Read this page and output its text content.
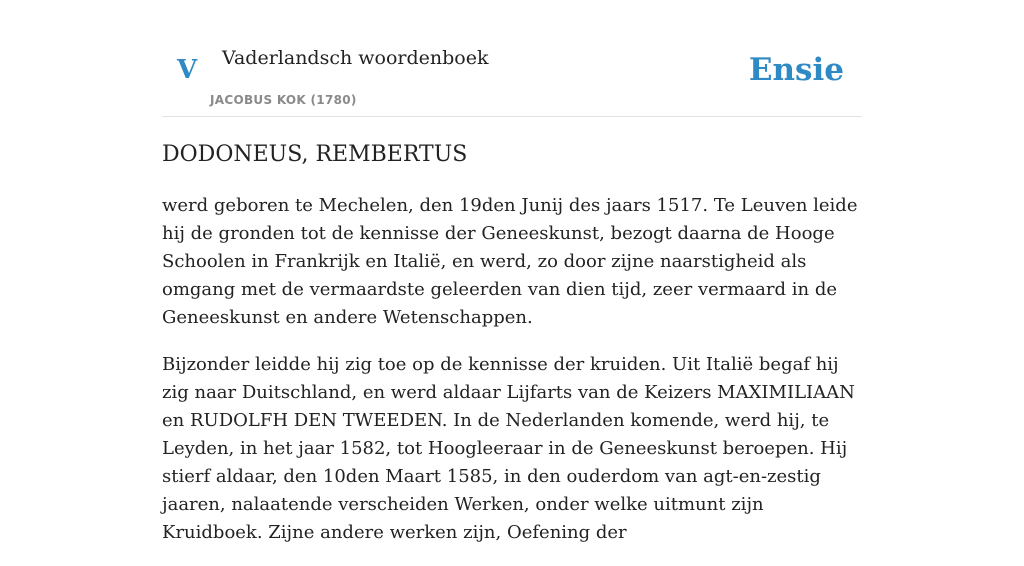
V Vaderlandsch woordenboek
JACOBUS KOK (1780)
Ensie
DODONEUS, REMBERTUS

werd geboren te Mechelen, den 19den Junij des jaars 1517. Te Leuven leide hij de gronden tot de kennisse der Geneeskunst, bezogt daarna de Hooge Schoolen in Frankrijk en Italië, en werd, zo door zijne naarstigheid als omgang met de vermaardste geleerden van dien tijd, zeer vermaard in de Geneeskunst en andere Wetenschappen.

Bijzonder leidde hij zig toe op de kennisse der kruiden. Uit Italië begaf hij zig naar Duitschland, en werd aldaar Lijfarts van de Keizers MAXIMILIAAN en RUDOLFH DEN TWEEDEN. In de Nederlanden komende, werd hij, te Leyden, in het jaar 1582, tot Hoogleeraar in de Geneeskunst beroepen. Hij stierf aldaar, den 10den Maart 1585, in den ouderdom van agt-en-zestig jaaren, nalaatende verscheiden Werken, onder welke uitmunt zijn Kruidboek. Zijne andere werken zijn, Oefening der
